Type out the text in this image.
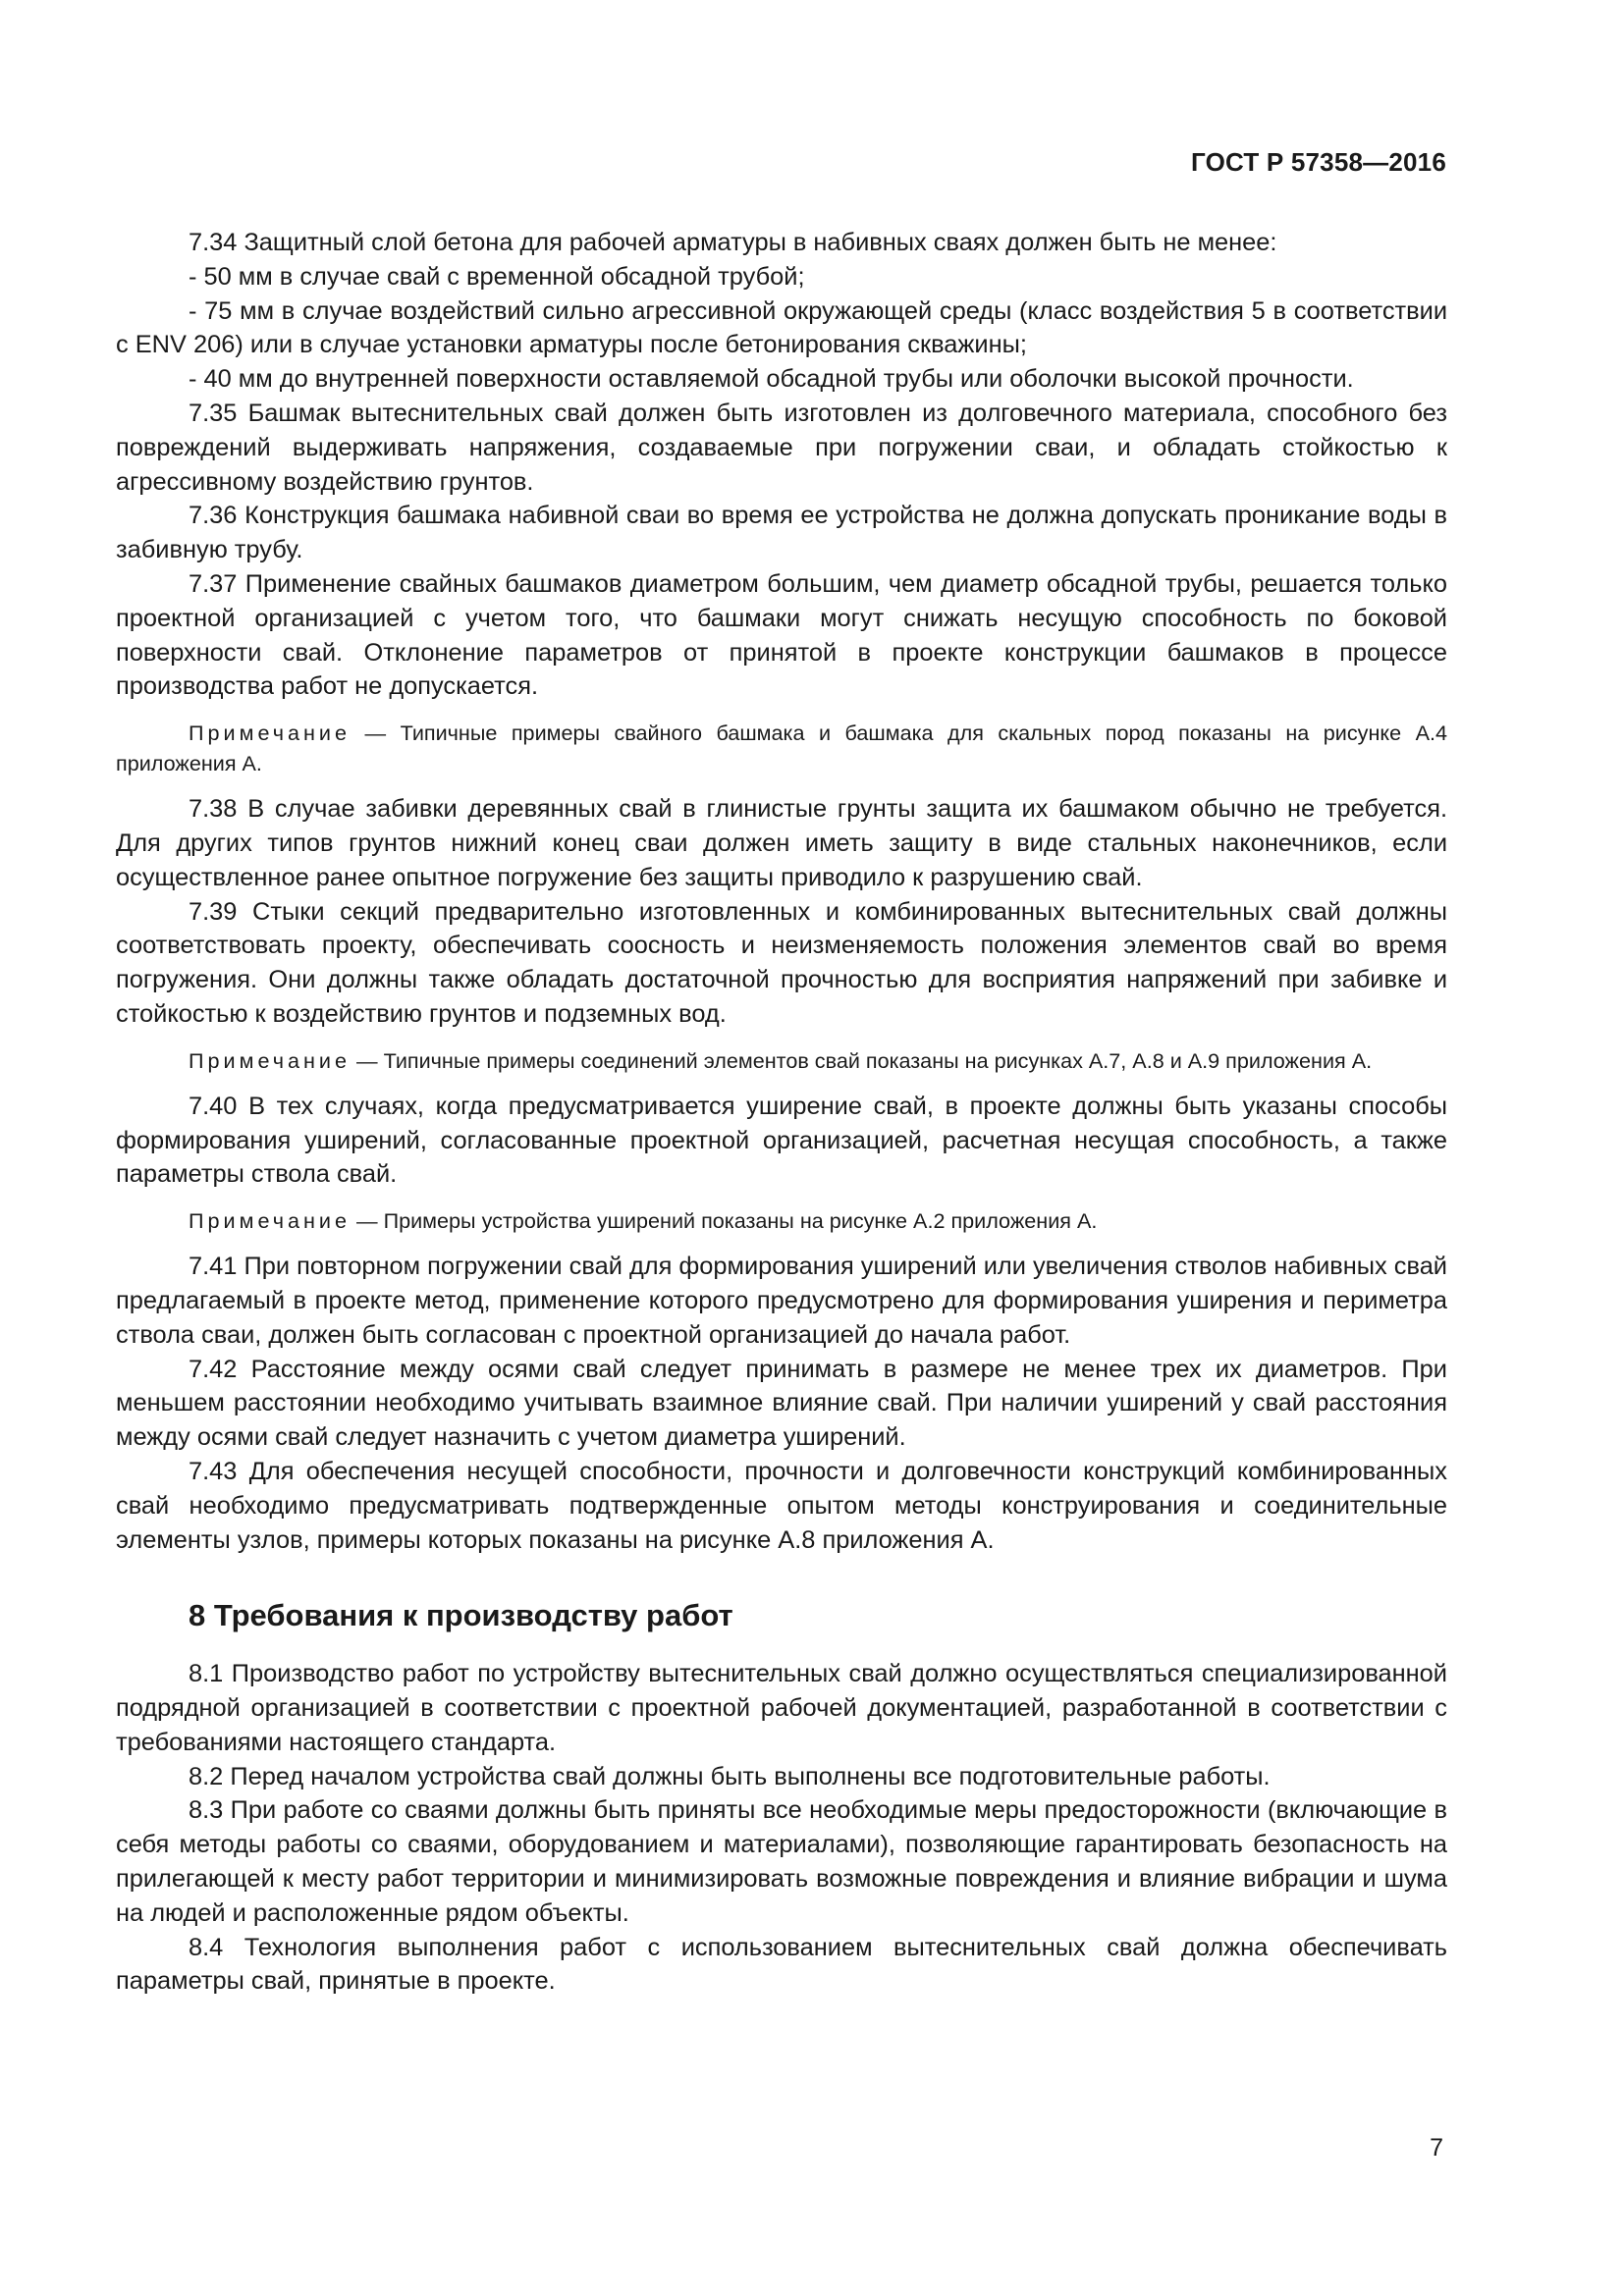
ГОСТ Р 57358—2016

7.34 Защитный слой бетона для рабочей арматуры в набивных сваях должен быть не менее:

- 50 мм в случае свай с временной обсадной трубой;

- 75 мм в случае воздействий сильно агрессивной окружающей среды (класс воздействия 5 в соответствии с ENV 206) или в случае установки арматуры после бетонирования скважины;

- 40 мм до внутренней поверхности оставляемой обсадной трубы или оболочки высокой прочности.

7.35 Башмак вытеснительных свай должен быть изготовлен из долговечного материала, способного без повреждений выдерживать напряжения, создаваемые при погружении сваи, и обладать стойкостью к агрессивному воздействию грунтов.

7.36 Конструкция башмака набивной сваи во время ее устройства не должна допускать проникание воды в забивную трубу.

7.37 Применение свайных башмаков диаметром большим, чем диаметр обсадной трубы, решается только проектной организацией с учетом того, что башмаки могут снижать несущую способность по боковой поверхности свай. Отклонение параметров от принятой в проекте конструкции башмаков в процессе производства работ не допускается.

Примечание — Типичные примеры свайного башмака и башмака для скальных пород показаны на рисунке А.4 приложения А.

7.38 В случае забивки деревянных свай в глинистые грунты защита их башмаком обычно не требуется. Для других типов грунтов нижний конец сваи должен иметь защиту в виде стальных наконечников, если осуществленное ранее опытное погружение без защиты приводило к разрушению свай.

7.39 Стыки секций предварительно изготовленных и комбинированных вытеснительных свай должны соответствовать проекту, обеспечивать соосность и неизменяемость положения элементов свай во время погружения. Они должны также обладать достаточной прочностью для восприятия напряжений при забивке и стойкостью к воздействию грунтов и подземных вод.

Примечание — Типичные примеры соединений элементов свай показаны на рисунках А.7, А.8 и А.9 приложения А.

7.40 В тех случаях, когда предусматривается уширение свай, в проекте должны быть указаны способы формирования уширений, согласованные проектной организацией, расчетная несущая способность, а также параметры ствола свай.

Примечание — Примеры устройства уширений показаны на рисунке А.2 приложения А.

7.41 При повторном погружении свай для формирования уширений или увеличения стволов набивных свай предлагаемый в проекте метод, применение которого предусмотрено для формирования уширения и периметра ствола сваи, должен быть согласован с проектной организацией до начала работ.

7.42 Расстояние между осями свай следует принимать в размере не менее трех их диаметров. При меньшем расстоянии необходимо учитывать взаимное влияние свай. При наличии уширений у свай расстояния между осями свай следует назначить с учетом диаметра уширений.

7.43 Для обеспечения несущей способности, прочности и долговечности конструкций комбинированных свай необходимо предусматривать подтвержденные опытом методы конструирования и соединительные элементы узлов, примеры которых показаны на рисунке А.8 приложения А.

8 Требования к производству работ

8.1 Производство работ по устройству вытеснительных свай должно осуществляться специализированной подрядной организацией в соответствии с проектной рабочей документацией, разработанной в соответствии с требованиями настоящего стандарта.

8.2 Перед началом устройства свай должны быть выполнены все подготовительные работы.

8.3 При работе со сваями должны быть приняты все необходимые меры предосторожности (включающие в себя методы работы со сваями, оборудованием и материалами), позволяющие гарантировать безопасность на прилегающей к месту работ территории и минимизировать возможные повреждения и влияние вибрации и шума на людей и расположенные рядом объекты.

8.4 Технология выполнения работ с использованием вытеснительных свай должна обеспечивать параметры свай, принятые в проекте.

7
